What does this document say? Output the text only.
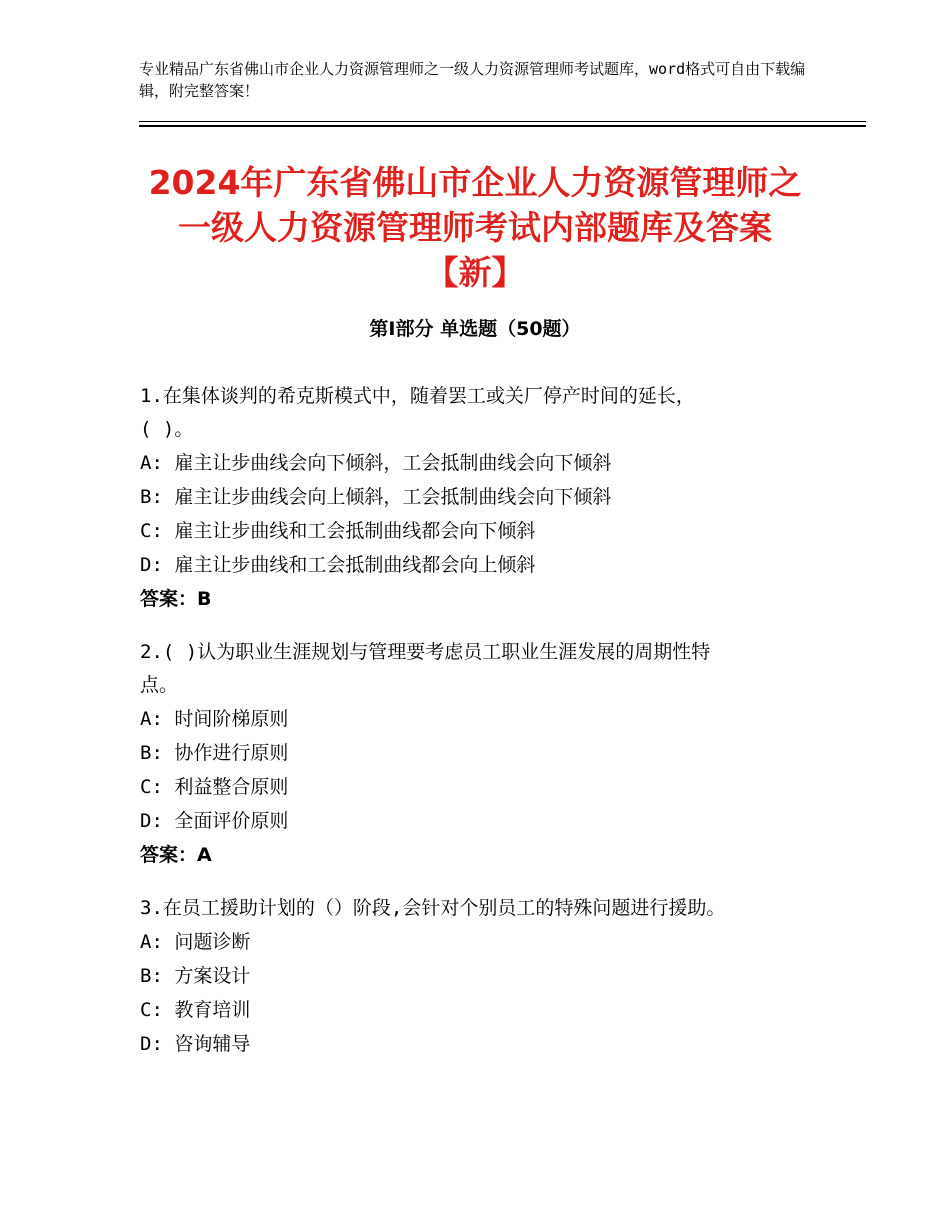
专业精品广东省佛山市企业人力资源管理师之一级人力资源管理师考试题库，word格式可自由下载编辑，附完整答案！
2024年广东省佛山市企业人力资源管理师之
一级人力资源管理师考试内部题库及答案
【新】
第Ⅰ部分 单选题（50题）

1.在集体谈判的希克斯模式中，随着罢工或关厂停产时间的延长，

( )。

A: 雇主让步曲线会向下倾斜，工会抵制曲线会向下倾斜

B: 雇主让步曲线会向上倾斜，工会抵制曲线会向下倾斜

C: 雇主让步曲线和工会抵制曲线都会向下倾斜

D: 雇主让步曲线和工会抵制曲线都会向上倾斜

答案：B

2.( )认为职业生涯规划与管理要考虑员工职业生涯发展的周期性特

点。

A: 时间阶梯原则

B: 协作进行原则

C: 利益整合原则

D: 全面评价原则

答案：A

3.在员工援助计划的（）阶段,会针对个别员工的特殊问题进行援助。

A: 问题诊断

B: 方案设计

C: 教育培训

D: 咨询辅导
